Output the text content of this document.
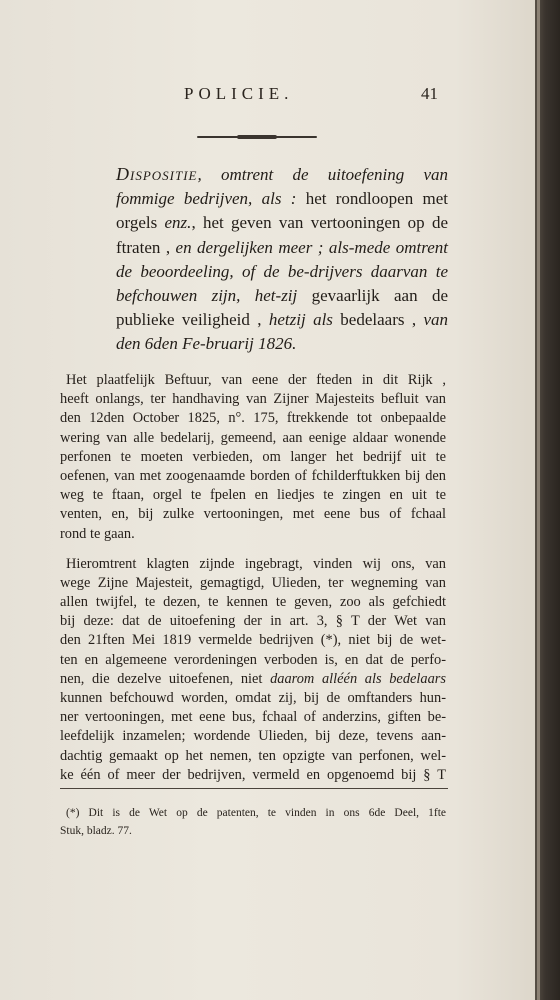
POLICIE.	41
Dispositie, omtrent de uitoefening van fommige bedrijven, als : het rondloopen met orgels enz., het geven van vertooningen op de ftraten , en dergelijken meer ; als-mede omtrent de beoordeeling, of de be-drijvers daarvan te befchouwen zijn, het-zij gevaarlijk aan de publieke veiligheid , hetzij als bedelaars , van den 6den Fe-bruarij 1826.
Het plaatfelijk Beftuur, van eene der fteden in dit Rijk ,
heeft onlangs, ter handhaving van Zijner Majesteits befluit van
den 12den October 1825, n°. 175, ftrekkende tot onbepaalde
wering van alle bedelarij, gemeend, aan eenige aldaar wonende
perfonen te moeten verbieden, om langer het bedrijf uit te
oefenen, van met zoogenaamde borden of fchilderftukken bij den
weg te ftaan, orgel te fpelen en liedjes te zingen en uit te
venten, en, bij zulke vertooningen, met eene bus of fchaal
rond te gaan.
Hieromtrent klagten zijnde ingebragt, vinden wij ons, van
wege Zijne Majesteit, gemagtigd, Ulieden, ter wegneming van
allen twijfel, te dezen, te kennen te geven, zoo als gefchiedt
bij deze: dat de uitoefening der in art. 3, § T der Wet van
den 21ften Mei 1819 vermelde bedrijven (*), niet bij de wet-
ten en algemeene verordeningen verboden is, en dat de perfo-
nen, die dezelve uitoefenen, niet daarom alléén als bedelaars
kunnen befchouwd worden, omdat zij, bij de omftanders hun-
ner vertooningen, met eene bus, fchaal of anderzins, giften be-
leefdelijk inzamelen; wordende Ulieden, bij deze, tevens aan-
dachtig gemaakt op het nemen, ten opzigte van perfonen, wel-
ke één of meer der bedrijven, vermeld en opgenoemd bij § T
(*) Dit is de Wet op de patenten, te vinden in ons 6de Deel, 1fte
Stuk, bladz. 77.
